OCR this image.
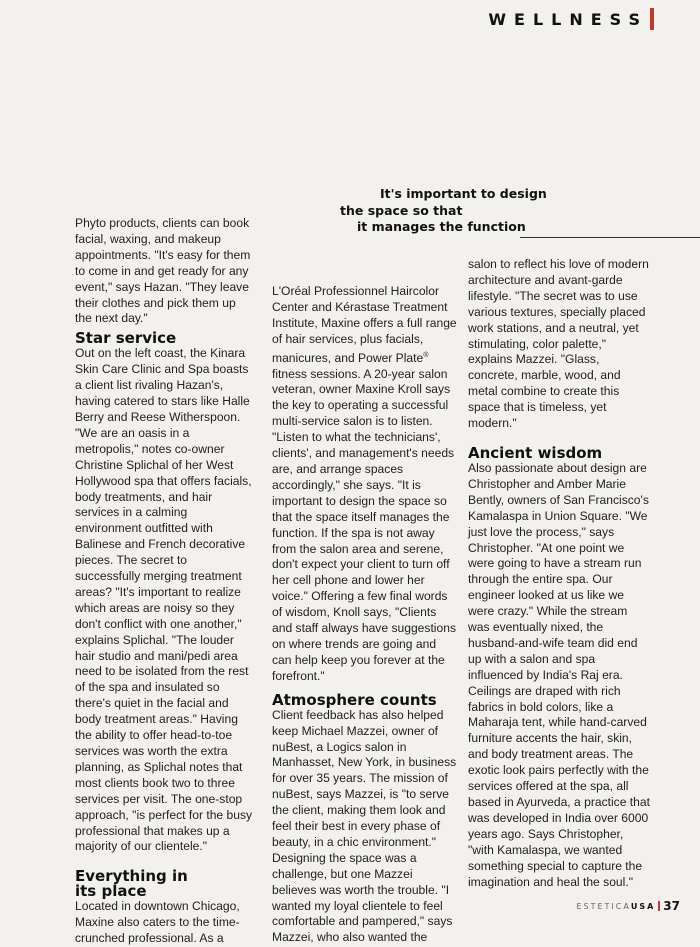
WELLNESS
It's important to design
the space so that
it manages the function

Phyto products, clients can book facial, waxing, and makeup appointments. "It's easy for them to come in and get ready for any event," says Hazan. "They leave their clothes and pick them up the next day."

Star service

Out on the left coast, the Kinara Skin Care Clinic and Spa boasts a client list rivaling Hazan's, having catered to stars like Halle Berry and Reese Witherspoon. "We are an oasis in a metropolis," notes co-owner Christine Splichal of her West Hollywood spa that offers facials, body treatments, and hair services in a calming environment outfitted with Balinese and French decorative pieces. The secret to successfully merging treatment areas? "It's important to realize which areas are noisy so they don't conflict with one another," explains Splichal. "The louder hair studio and mani/pedi area need to be isolated from the rest of the spa and insulated so there's quiet in the facial and body treatment areas." Having the ability to offer head-to-toe services was worth the extra planning, as Splichal notes that most clients book two to three services per visit. The one-stop approach, "is perfect for the busy professional that makes up a majority of our clientele."

Everything in
its place

Located in downtown Chicago, Maxine also caters to the time-crunched professional. As a

L'Oréal Professionnel Haircolor Center and Kérastase Treatment Institute, Maxine offers a full range of hair services, plus facials, manicures, and Power Plate® fitness sessions. A 20-year salon veteran, owner Maxine Kroll says the key to operating a successful multi-service salon is to listen. "Listen to what the technicians', clients', and management's needs are, and arrange spaces accordingly," she says. "It is important to design the space so that the space itself manages the function. If the spa is not away from the salon area and serene, don't expect your client to turn off her cell phone and lower her voice." Offering a few final words of wisdom, Knoll says, "Clients and staff always have suggestions on where trends are going and can help keep you forever at the forefront."

Atmosphere counts

Client feedback has also helped keep Michael Mazzei, owner of nuBest, a Logics salon in Manhasset, New York, in business for over 35 years. The mission of nuBest, says Mazzei, is "to serve the client, making them look and feel their best in every phase of beauty, in a chic environment." Designing the space was a challenge, but one Mazzei believes was worth the trouble. "I wanted my loyal clientele to feel comfortable and pampered," says Mazzei, who also wanted the

salon to reflect his love of modern architecture and avant-garde lifestyle. "The secret was to use various textures, specially placed work stations, and a neutral, yet stimulating, color palette," explains Mazzei. "Glass, concrete, marble, wood, and metal combine to create this space that is timeless, yet modern."

Ancient wisdom

Also passionate about design are Christopher and Amber Marie Bently, owners of San Francisco's Kamalaspa in Union Square. "We just love the process," says Christopher. "At one point we were going to have a stream run through the entire spa. Our engineer looked at us like we were crazy." While the stream was eventually nixed, the husband-and-wife team did end up with a salon and spa influenced by India's Raj era. Ceilings are draped with rich fabrics in bold colors, like a Maharaja tent, while hand-carved furniture accents the hair, skin, and body treatment areas. The exotic look pairs perfectly with the services offered at the spa, all based in Ayurveda, a practice that was developed in India over 6000 years ago. Says Christopher, "with Kamalaspa, we wanted something special to capture the imagination and heal the soul."

ESTETICA USA 37
